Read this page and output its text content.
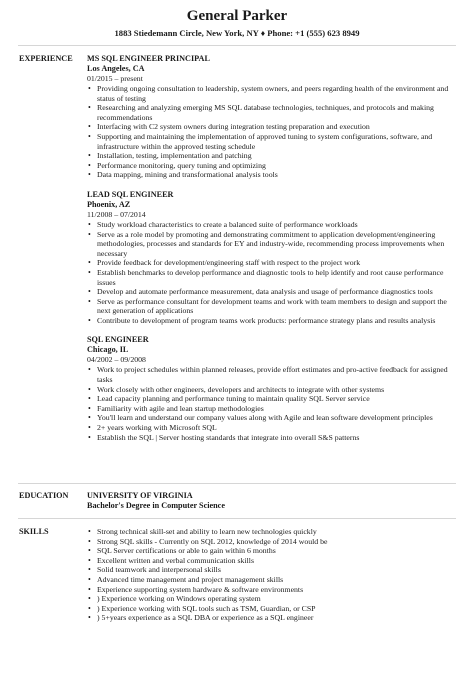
General Parker
1883 Stiedemann Circle, New York, NY ♦ Phone: +1 (555) 623 8949
EXPERIENCE MS SQL ENGINEER PRINCIPAL
Los Angeles, CA
01/2015 – present
• Providing ongoing consultation to leadership, system owners, and peers regarding health of the environment and status of testing
• Researching and analyzing emerging MS SQL database technologies, techniques, and protocols and making recommendations
• Interfacing with C2 system owners during integration testing preparation and execution
• Supporting and maintaining the implementation of approved tuning to system configurations, software, and infrastructure within the approved testing schedule
• Installation, testing, implementation and patching
• Performance monitoring, query tuning and optimizing
• Data mapping, mining and transformational analysis tools
LEAD SQL ENGINEER
Phoenix, AZ
11/2008 – 07/2014
• Study workload characteristics to create a balanced suite of performance workloads
• Serve as a role model by promoting and demonstrating commitment to application development/engineering methodologies, processes and standards for EY and industry-wide, recommending process improvements when necessary
• Provide feedback for development/engineering staff with respect to the project work
• Establish benchmarks to develop performance and diagnostic tools to help identify and root cause performance issues
• Develop and automate performance measurement, data analysis and usage of performance diagnostics tools
• Serve as performance consultant for development teams and work with team members to design and support the next generation of applications
• Contribute to development of program teams work products: performance strategy plans and results analysis
SQL ENGINEER
Chicago, IL
04/2002 – 09/2008
• Work to project schedules within planned releases, provide effort estimates and pro-active feedback for assigned tasks
• Work closely with other engineers, developers and architects to integrate with other systems
• Lead capacity planning and performance tuning to maintain quality SQL Server service
• Familiarity with agile and lean startup methodologies
• You'll learn and understand our company values along with Agile and lean software development principles
• 2+ years working with Microsoft SQL
• Establish the SQL | Server hosting standards that integrate into overall S&S patterns
EDUCATION UNIVERSITY OF VIRGINIA
Bachelor's Degree in Computer Science
SKILLS
•	Strong technical skill-set and ability to learn new technologies quickly
• Strong SQL skills - Currently on SQL 2012, knowledge of 2014 would be
• SQL Server certifications or able to gain within 6 months
• Excellent written and verbal communication skills
• Solid teamwork and interpersonal skills
• Advanced time management and project management skills
• Experience supporting system hardware & software environments
• ) Experience working on Windows operating system
• ) Experience working with SQL tools such as TSM, Guardian, or CSP
• ) 5+years experience as a SQL DBA or experience as a SQL engineer
